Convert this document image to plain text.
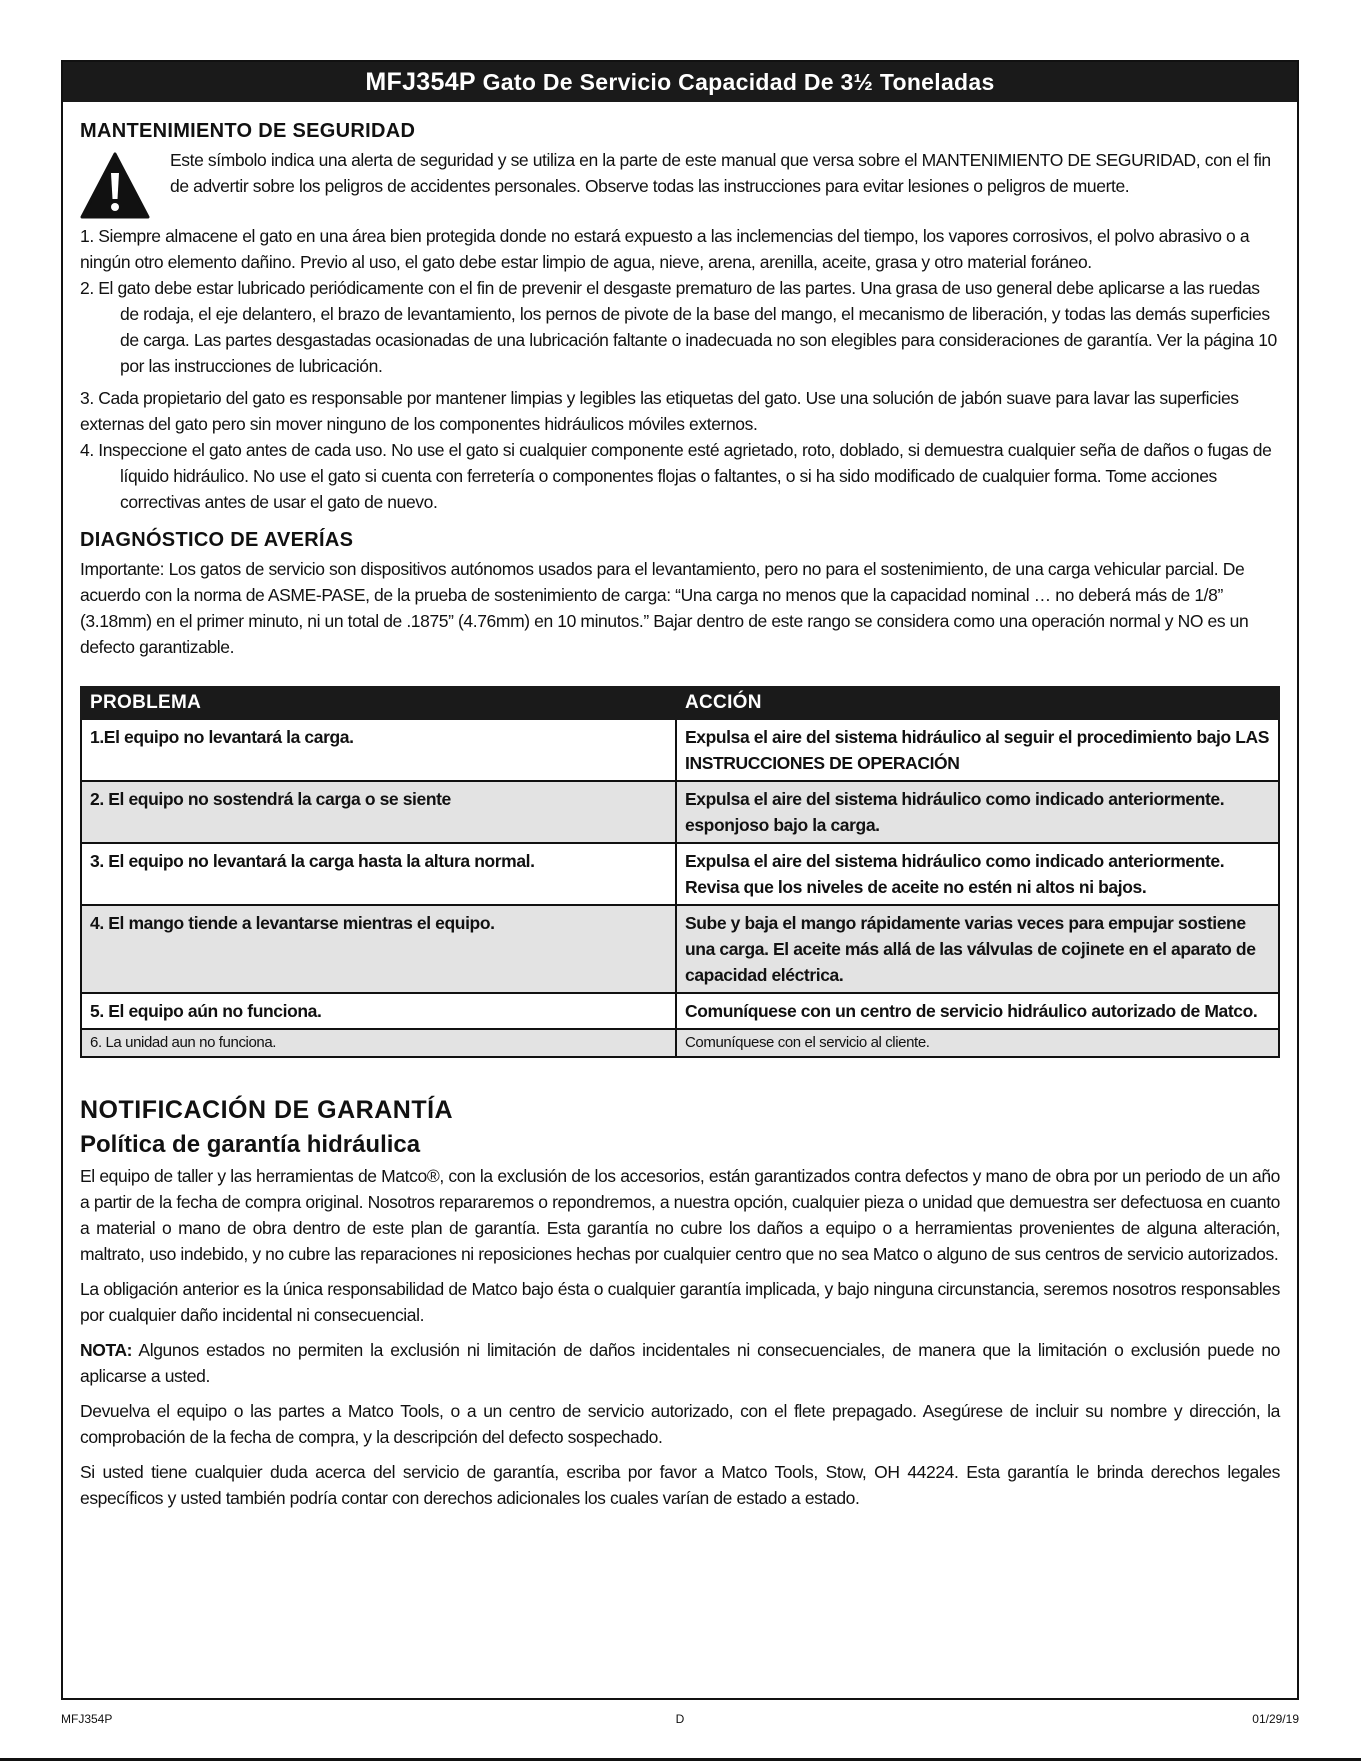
MFJ354P Gato De Servicio Capacidad De 3½ Toneladas
MANTENIMIENTO DE SEGURIDAD

Este símbolo indica una alerta de seguridad y se utiliza en la parte de este manual que versa sobre el MANTENIMIENTO DE SEGURIDAD, con el fin de advertir sobre los peligros de accidentes personales. Observe todas las instrucciones para evitar lesiones o peligros de muerte.

1. Siempre almacene el gato en una área bien protegida donde no estará expuesto a las inclemencias del tiempo, los vapores corrosivos, el polvo abrasivo o a ningún otro elemento dañino. Previo al uso, el gato debe estar limpio de agua, nieve, arena, arenilla, aceite, grasa y otro material foráneo.
2. El gato debe estar lubricado periódicamente con el fin de prevenir el desgaste prematuro de las partes. Una grasa de uso general debe aplicarse a las ruedas de rodaja, el eje delantero, el brazo de levantamiento, los pernos de pivote de la base del mango, el mecanismo de liberación, y todas las demás superficies de carga. Las partes desgastadas ocasionadas de una lubricación faltante o inadecuada no son elegibles para consideraciones de garantía. Ver la página 10 por las instrucciones de lubricación.
3. Cada propietario del gato es responsable por mantener limpias y legibles las etiquetas del gato. Use una solución de jabón suave para lavar las superficies externas del gato pero sin mover ninguno de los componentes hidráulicos móviles externos.
4. Inspeccione el gato antes de cada uso. No use el gato si cualquier componente esté agrietado, roto, doblado, si demuestra cualquier seña de daños o fugas de líquido hidráulico. No use el gato si cuenta con ferretería o componentes flojas o faltantes, o si ha sido modificado de cualquier forma. Tome acciones correctivas antes de usar el gato de nuevo.
DIAGNÓSTICO DE AVERÍAS

Importante: Los gatos de servicio son dispositivos autónomos usados para el levantamiento, pero no para el sostenimiento, de una carga vehicular parcial. De acuerdo con la norma de ASME-PASE, de la prueba de sostenimiento de carga: “Una carga no menos que la capacidad nominal … no deberá más de 1/8” (3.18mm) en el primer minuto, ni un total de .1875” (4.76mm) en 10 minutos.” Bajar dentro de este rango se considera como una operación normal y NO es un defecto garantizable.

PROBLEMA	ACCIÓN
1.El equipo no levantará la carga.	Expulsa el aire del sistema hidráulico al seguir el procedimiento bajo LAS INSTRUCCIONES DE OPERACIÓN
2. El equipo no sostendrá la carga o se siente	Expulsa el aire del sistema hidráulico como indicado anteriormente. esponjoso bajo la carga.
3. El equipo no levantará la carga hasta la altura normal.	Expulsa el aire del sistema hidráulico como indicado anteriormente. Revisa que los niveles de aceite no estén ni altos ni bajos.
4. El mango tiende a levantarse mientras el equipo.	Sube y baja el mango rápidamente varias veces para empujar sostiene una carga. El aceite más allá de las válvulas de cojinete en el aparato de capacidad eléctrica.
5. El equipo aún no funciona.	Comuníquese con un centro de servicio hidráulico autorizado de Matco.
6. La unidad aun no funciona.	Comuníquese con el servicio al cliente.
NOTIFICACIÓN DE GARANTÍA
Política de garantía hidráulica

El equipo de taller y las herramientas de Matco®, con la exclusión de los accesorios, están garantizados contra defectos y mano de obra por un periodo de un año a partir de la fecha de compra original. Nosotros repararemos o repondremos, a nuestra opción, cualquier pieza o unidad que demuestra ser defectuosa en cuanto a material o mano de obra dentro de este plan de garantía. Esta garantía no cubre los daños a equipo o a herramientas provenientes de alguna alteración, maltrato, uso indebido, y no cubre las reparaciones ni reposiciones hechas por cualquier centro que no sea Matco o alguno de sus centros de servicio autorizados.

La obligación anterior es la única responsabilidad de Matco bajo ésta o cualquier garantía implicada, y bajo ninguna circunstancia, seremos nosotros responsables por cualquier daño incidental ni consecuencial.

NOTA: Algunos estados no permiten la exclusión ni limitación de daños incidentales ni consecuenciales, de manera que la limitación o exclusión puede no aplicarse a usted.

Devuelva el equipo o las partes a Matco Tools, o a un centro de servicio autorizado, con el flete prepagado. Asegúrese de incluir su nombre y dirección, la comprobación de la fecha de compra, y la descripción del defecto sospechado.

Si usted tiene cualquier duda acerca del servicio de garantía, escriba por favor a Matco Tools, Stow, OH 44224. Esta garantía le brinda derechos legales específicos y usted también podría contar con derechos adicionales los cuales varían de estado a estado.

MFJ354P	D	01/29/19
